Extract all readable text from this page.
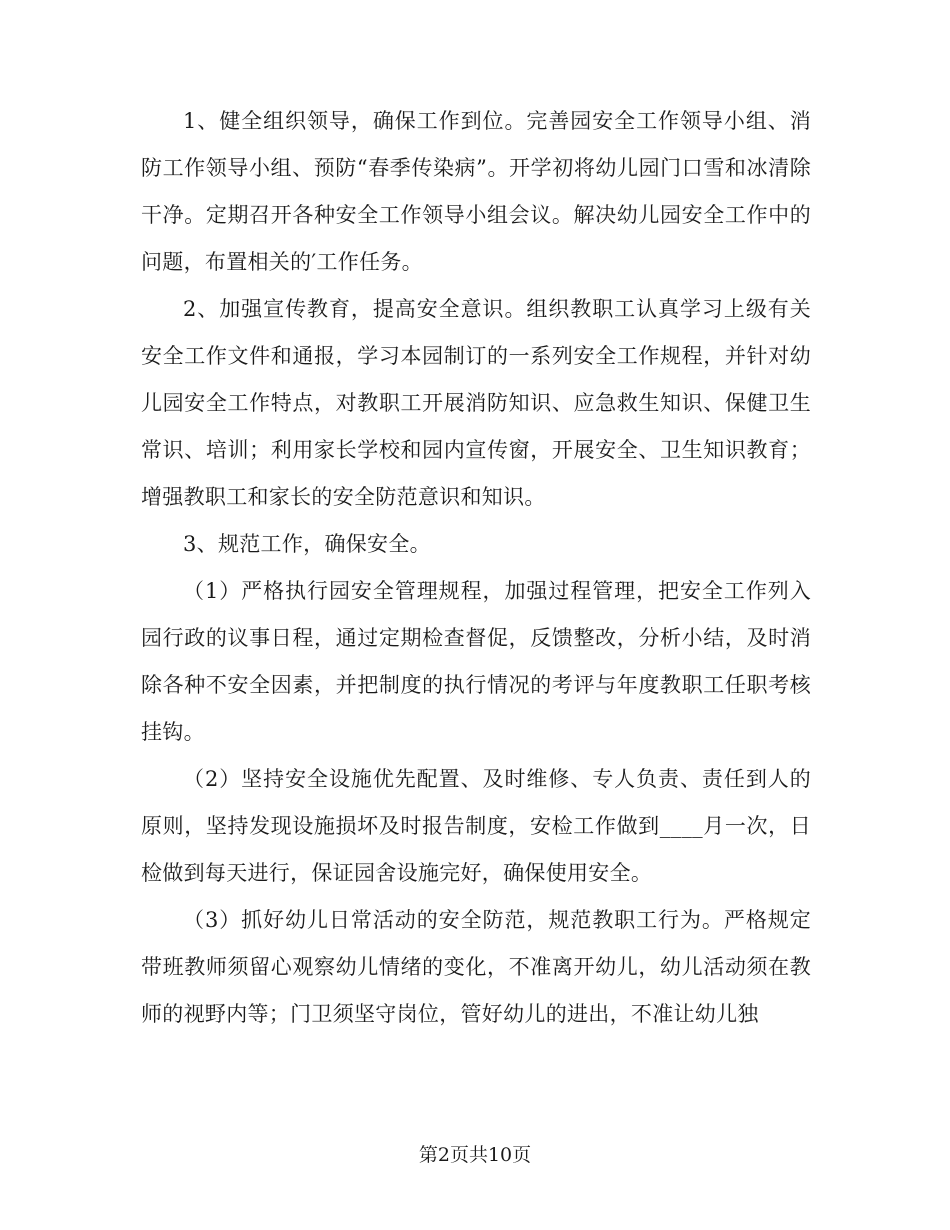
1、健全组织领导，确保工作到位。完善园安全工作领导小组、消防工作领导小组、预防“春季传染病”。开学初将幼儿园门口雪和冰清除干净。定期召开各种安全工作领导小组会议。解决幼儿园安全工作中的问题，布置相关的′工作任务。

2、加强宣传教育，提高安全意识。组织教职工认真学习上级有关安全工作文件和通报，学习本园制订的一系列安全工作规程，并针对幼儿园安全工作特点，对教职工开展消防知识、应急救生知识、保健卫生常识、培训；利用家长学校和园内宣传窗，开展安全、卫生知识教育；增强教职工和家长的安全防范意识和知识。

3、规范工作，确保安全。

（1）严格执行园安全管理规程，加强过程管理，把安全工作列入园行政的议事日程，通过定期检查督促，反馈整改，分析小结，及时消除各种不安全因素，并把制度的执行情况的考评与年度教职工任职考核挂钩。

（2）坚持安全设施优先配置、及时维修、专人负责、责任到人的原则，坚持发现设施损坏及时报告制度，安检工作做到____月一次，日检做到每天进行，保证园舍设施完好，确保使用安全。

（3）抓好幼儿日常活动的安全防范，规范教职工行为。严格规定带班教师须留心观察幼儿情绪的变化，不准离开幼儿，幼儿活动须在教师的视野内等；门卫须坚守岗位，管好幼儿的进出，不准让幼儿独

第2页共10页
